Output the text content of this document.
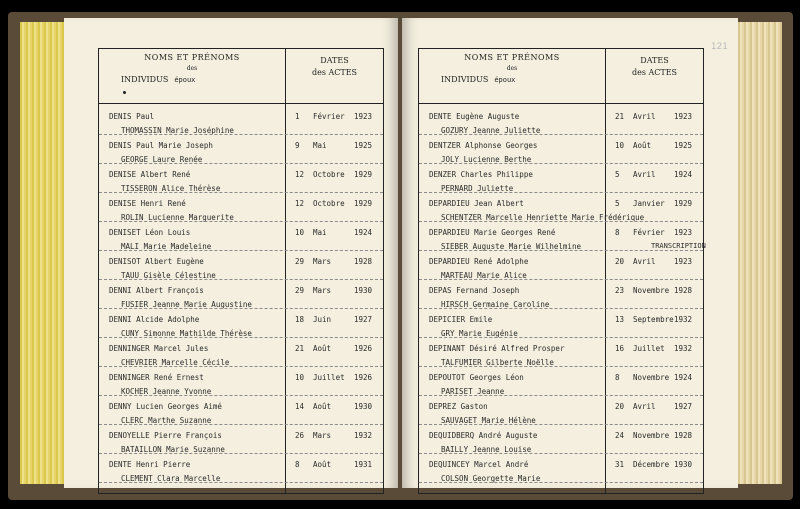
NOMS ET PRÉNOMS
des
INDIVIDUS époux
DATES
des ACTES
DENIS Paul
THOMASSIN Marie Joséphine
1 Février 1923
DENIS Paul Marie Joseph
GEORGE Laure Renée
9 Mai	1925
DENISE Albert René
TISSERON Alice Thérèse
12 Octobre 1929
DENISE Henri René
ROLIN Lucienne Marguerite
12 Octobre 1929
DENISET Léon Louis
MALI Marie Madeleine
10 Mai	1924
DENISOT Albert Eugène
TAUU Gisèle Célestine
29 Mars	1928
DENNI Albert François
FUSIER Jeanne Marie Augustine
29 Mars	1930
DENNI Alcide Adolphe
CUNY Simonne Mathilde Thérèse
18 Juin	1927
DENNINGER Marcel Jules
CHEVRIER Marcelle Cécile
21 Août	1926
DENNINGER René Ernest
KOCHER Jeanne Yvonne
10 Juillet 1926
DENNY Lucien Georges Aimé
CLERC Marthe Suzanne
14 Août	1930
DENOYELLE Pierre François
BATAILLON Marie Suzanne
26 Mars	1932
DENTE Henri Pierre
CLEMENT Clara Marcelle
8 Août	1931
121
NOMS ET PRÉNOMS
des
INDIVIDUS époux
DATES
des ACTES
DENTE Eugène Auguste
GOZURY Jeanne Juliette
21 Avril 1923
DENTZER Alphonse Georges
JOLY Lucienne Berthe
10 Août	1925
DENZER Charles Philippe
PERNARD Juliette
5 Avril 1924
DEPARDIEU Jean Albert
SCHENTZER Marcelle Henriette Marie Frédérique
5 Janvier 1929
DEPARDIEU Marie Georges René
SIEBER Auguste Marie Wilhelmine
8 Février 1923
TRANSCRIPTION
DEPARDIEU René Adolphe
MARTEAU Marie Alice
20 Avril 1923
DEPAS Fernand Joseph
HIRSCH Germaine Caroline
23 Novembre 1928
DEPICIER Emile
GRY Marie Eugénie
13 Septembre 1932
DEPINANT Désiré Alfred Prosper
TALFUMIER Gilberte Noëlle
16 Juillet 1932
DEPOUTOT Georges Léon
PARISET Jeanne
8 Novembre 1924
DEPREZ Gaston
SAUVAGET Marie Hélène
20 Avril 1927
DEQUIDBERQ André Auguste
BAILLY Jeanne Louise
24 Novembre 1928
DEQUINCEY Marcel André
COLSON Georgette Marie
31 Décembre 1930
